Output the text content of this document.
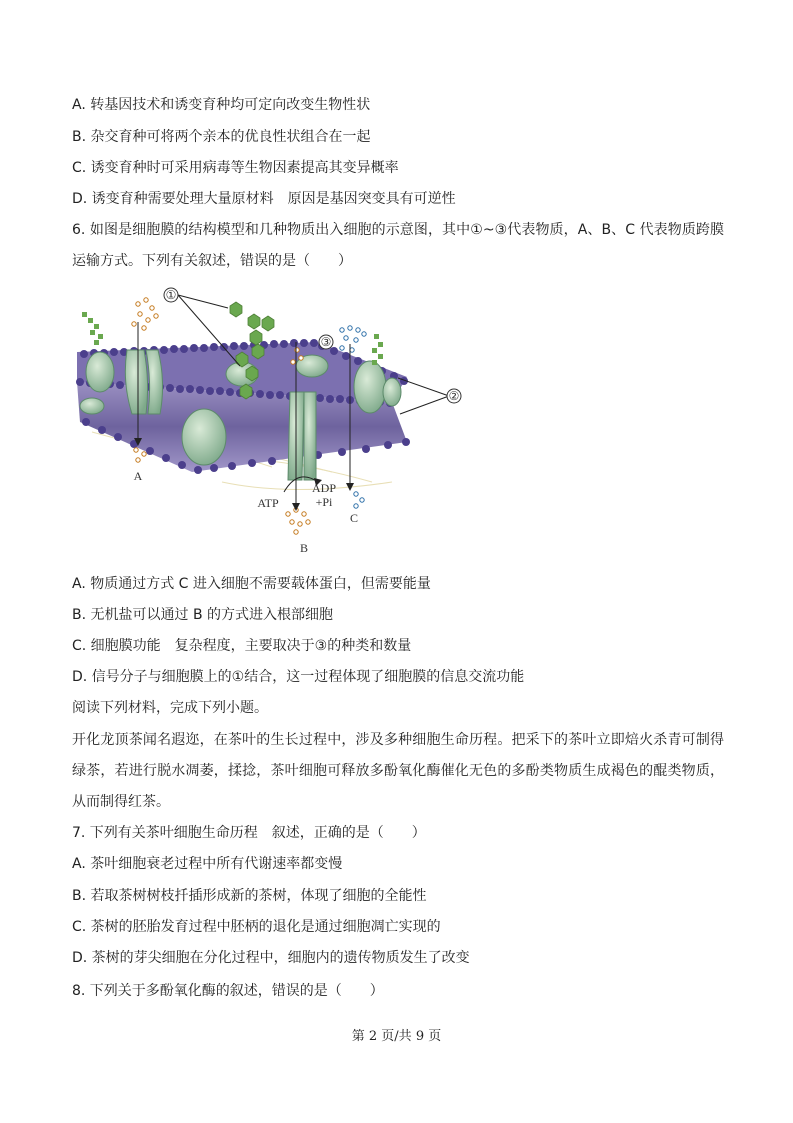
A. 转基因技术和诱变育种均可定向改变生物性状
B. 杂交育种可将两个亲本的优良性状组合在一起
C. 诱变育种时可采用病毒等生物因素提高其变异概率
D. 诱变育种需要处理大量原材料　原因是基因突变具有可逆性
6. 如图是细胞膜的结构模型和几种物质出入细胞的示意图，其中①~③代表物质，A、B、C 代表物质跨膜运输方式。下列有关叙述，错误的是（　　）
①
②
③
A
B
C
ATP
ADP
+Pi
A. 物质通过方式 C 进入细胞不需要载体蛋白，但需要能量
B. 无机盐可以通过 B 的方式进入根部细胞
C. 细胞膜功能　复杂程度，主要取决于③的种类和数量
D. 信号分子与细胞膜上的①结合，这一过程体现了细胞膜的信息交流功能
阅读下列材料，完成下列小题。
开化龙顶茶闻名遐迩，在茶叶的生长过程中，涉及多种细胞生命历程。把采下的茶叶立即焙火杀青可制得绿茶，若进行脱水凋萎，揉捻，茶叶细胞可释放多酚氧化酶催化无色的多酚类物质生成褐色的醌类物质，从而制得红茶。
7. 下列有关茶叶细胞生命历程　叙述，正确的是（　　）
A. 茶叶细胞衰老过程中所有代谢速率都变慢
B. 若取茶树树枝扦插形成新的茶树，体现了细胞的全能性
C. 茶树的胚胎发育过程中胚柄的退化是通过细胞凋亡实现的
D. 茶树的芽尖细胞在分化过程中，细胞内的遗传物质发生了改变
8. 下列关于多酚氧化酶的叙述，错误的是（　　）
第 2 页/共 9 页
